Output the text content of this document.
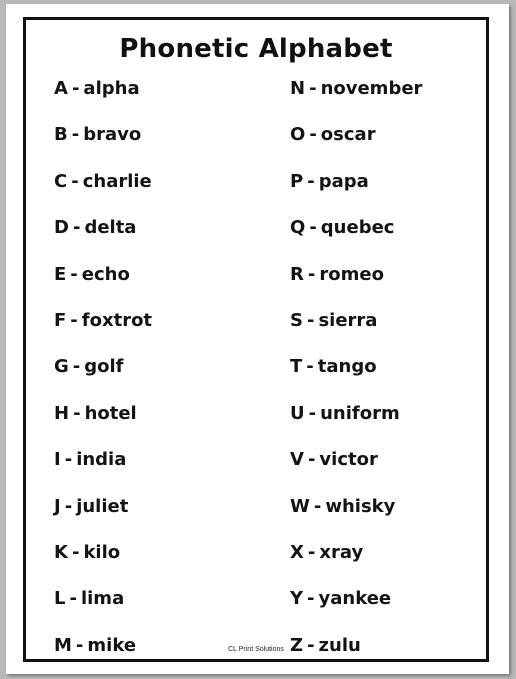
Phonetic Alphabet
A - alpha
B - bravo
C - charlie
D - delta
E - echo
F - foxtrot
G - golf
H - hotel
I - india
J - juliet
K - kilo
L - lima
M - mike
N - november
O - oscar
P - papa
Q - quebec
R - romeo
S - sierra
T - tango
U - uniform
V - victor
W - whisky
X - xray
Y - yankee
Z - zulu
CL Print Solutions
